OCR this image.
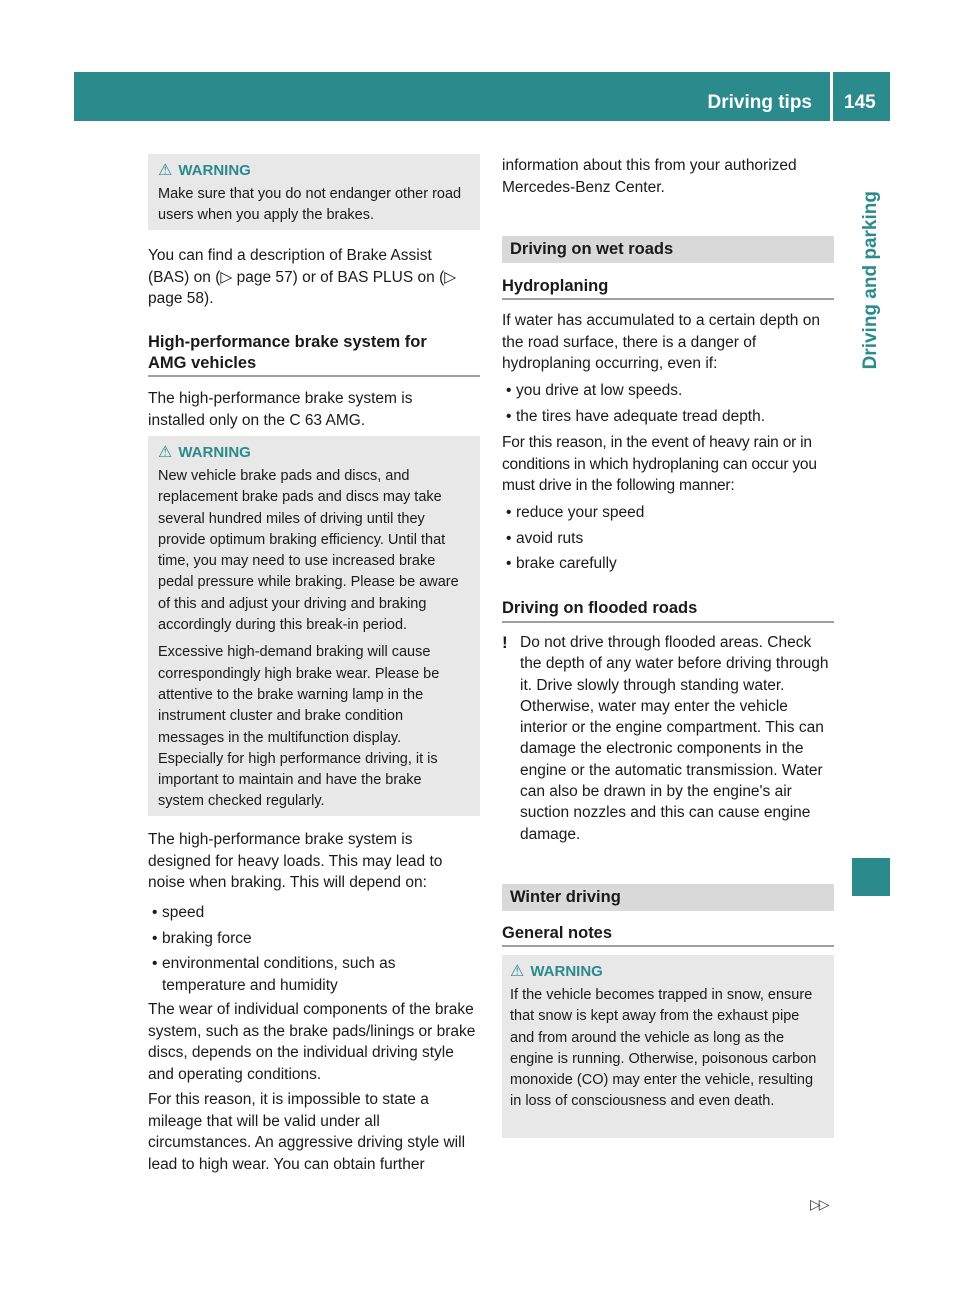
Driving tips 145
Driving and parking
⚠ WARNING
Make sure that you do not endanger other road users when you apply the brakes.

You can find a description of Brake Assist (BAS) on (▷ page 57) or of BAS PLUS on (▷ page 58).

High-performance brake system for AMG vehicles

The high-performance brake system is installed only on the C 63 AMG.

⚠ WARNING

New vehicle brake pads and discs, and replacement brake pads and discs may take several hundred miles of driving until they provide optimum braking efficiency. Until that time, you may need to use increased brake pedal pressure while braking. Please be aware of this and adjust your driving and braking accordingly during this break-in period.

Excessive high-demand braking will cause correspondingly high brake wear. Please be attentive to the brake warning lamp in the instrument cluster and brake condition messages in the multifunction display. Especially for high performance driving, it is important to maintain and have the brake system checked regularly.

The high-performance brake system is designed for heavy loads. This may lead to noise when braking. This will depend on:

• speed
• braking force
• environmental conditions, such as temperature and humidity

The wear of individual components of the brake system, such as the brake pads/linings or brake discs, depends on the individual driving style and operating conditions.

For this reason, it is impossible to state a mileage that will be valid under all circumstances. An aggressive driving style will lead to high wear. You can obtain further

information about this from your authorized Mercedes-Benz Center.

Driving on wet roads
Hydroplaning

If water has accumulated to a certain depth on the road surface, there is a danger of hydroplaning occurring, even if:

• you drive at low speeds.
• the tires have adequate tread depth.

For this reason, in the event of heavy rain or in conditions in which hydroplaning can occur you must drive in the following manner:

• reduce your speed
• avoid ruts
• brake carefully
Driving on flooded roads
! Do not drive through flooded areas. Check the depth of any water before driving through it. Drive slowly through standing water. Otherwise, water may enter the vehicle interior or the engine compartment. This can damage the electronic components in the engine or the automatic transmission. Water can also be drawn in by the engine's air suction nozzles and this can cause engine damage.
Winter driving
General notes
⚠ WARNING
If the vehicle becomes trapped in snow, ensure that snow is kept away from the exhaust pipe and from around the vehicle as long as the engine is running. Otherwise, poisonous carbon monoxide (CO) may enter the vehicle, resulting in loss of consciousness and even death.
▷▷
